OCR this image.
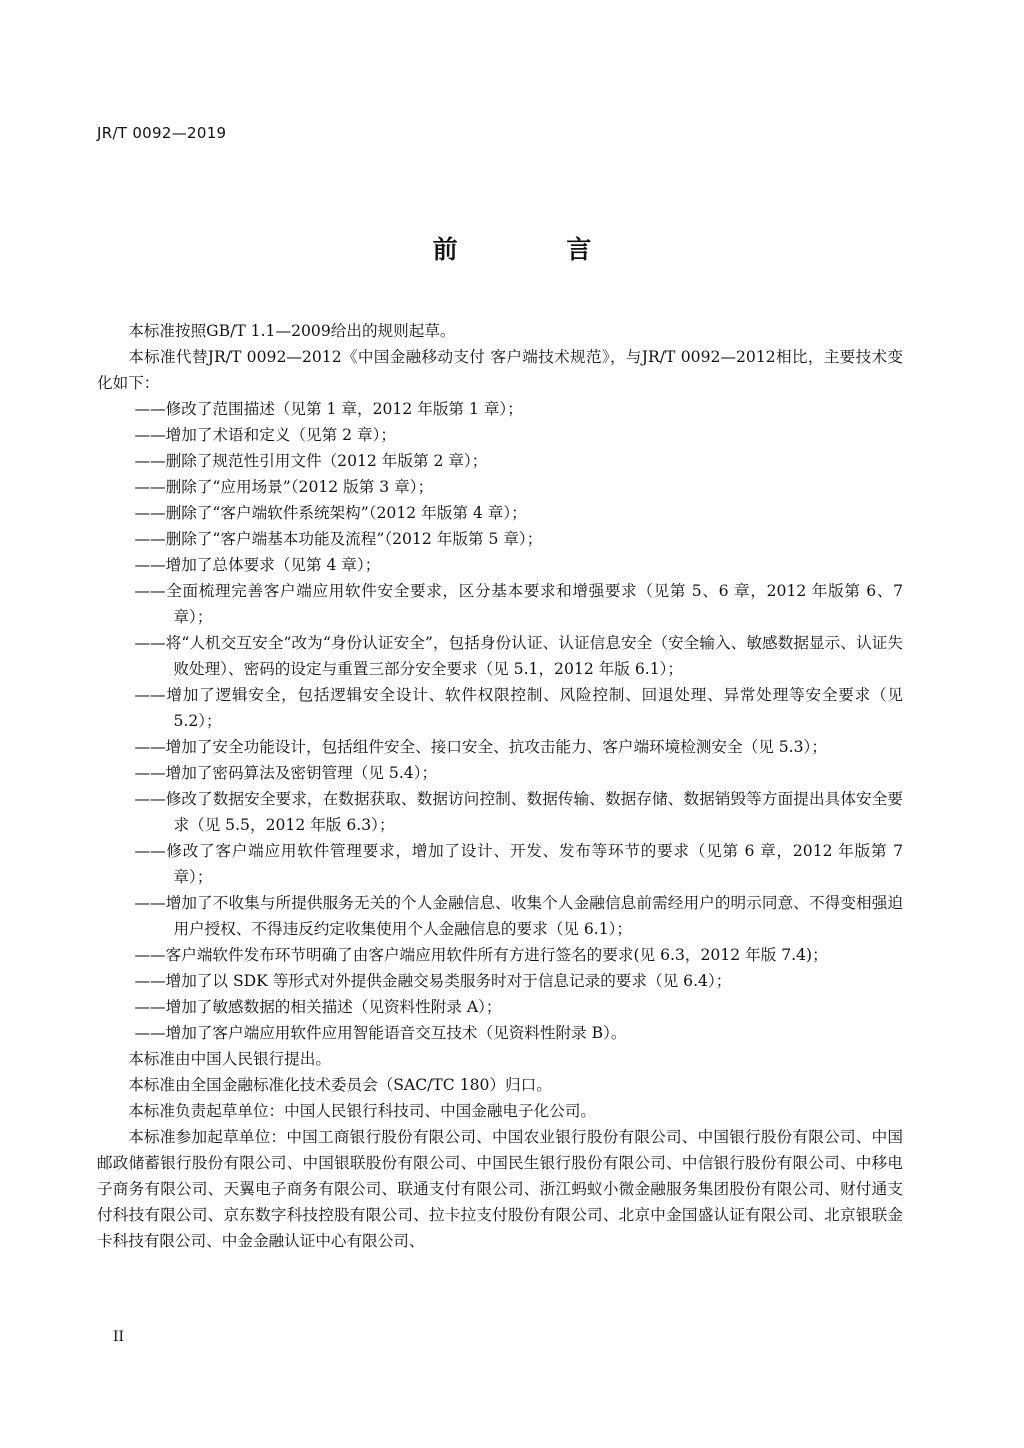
JR/T 0092—2019
前 言

本标准按照GB/T 1.1—2009给出的规则起草。

本标准代替JR/T 0092—2012《中国金融移动支付 客户端技术规范》，与JR/T 0092—2012相比，主要技术变化如下：

——修改了范围描述（见第 1 章，2012 年版第 1 章）；

——增加了术语和定义（见第 2 章）；

——删除了规范性引用文件（2012 年版第 2 章）；

——删除了“应用场景”（2012 版第 3 章）；

——删除了“客户端软件系统架构”（2012 年版第 4 章）；

——删除了“客户端基本功能及流程”（2012 年版第 5 章）；

——增加了总体要求（见第 4 章）；

——全面梳理完善客户端应用软件安全要求，区分基本要求和增强要求（见第 5、6 章，2012 年版第 6、7 章）；

——将“人机交互安全”改为“身份认证安全”，包括身份认证、认证信息安全（安全输入、敏感数据显示、认证失败处理）、密码的设定与重置三部分安全要求（见 5.1，2012 年版 6.1）；

——增加了逻辑安全，包括逻辑安全设计、软件权限控制、风险控制、回退处理、异常处理等安全要求（见 5.2）；

——增加了安全功能设计，包括组件安全、接口安全、抗攻击能力、客户端环境检测安全（见 5.3）；

——增加了密码算法及密钥管理（见 5.4）；

——修改了数据安全要求，在数据获取、数据访问控制、数据传输、数据存储、数据销毁等方面提出具体安全要求（见 5.5，2012 年版 6.3）；

——修改了客户端应用软件管理要求，增加了设计、开发、发布等环节的要求（见第 6 章，2012 年版第 7 章）；

——增加了不收集与所提供服务无关的个人金融信息、收集个人金融信息前需经用户的明示同意、不得变相强迫用户授权、不得违反约定收集使用个人金融信息的要求（见 6.1）；

——客户端软件发布环节明确了由客户端应用软件所有方进行签名的要求(见 6.3，2012 年版 7.4)；

——增加了以 SDK 等形式对外提供金融交易类服务时对于信息记录的要求（见 6.4）；

——增加了敏感数据的相关描述（见资料性附录 A）；

——增加了客户端应用软件应用智能语音交互技术（见资料性附录 B）。

本标准由中国人民银行提出。

本标准由全国金融标准化技术委员会（SAC/TC 180）归口。

本标准负责起草单位：中国人民银行科技司、中国金融电子化公司。

本标准参加起草单位：中国工商银行股份有限公司、中国农业银行股份有限公司、中国银行股份有限公司、中国邮政储蓄银行股份有限公司、中国银联股份有限公司、中国民生银行股份有限公司、中信银行股份有限公司、中移电子商务有限公司、天翼电子商务有限公司、联通支付有限公司、浙江蚂蚁小微金融服务集团股份有限公司、财付通支付科技有限公司、京东数字科技控股有限公司、拉卡拉支付股份有限公司、北京中金国盛认证有限公司、北京银联金卡科技有限公司、中金金融认证中心有限公司、

II
